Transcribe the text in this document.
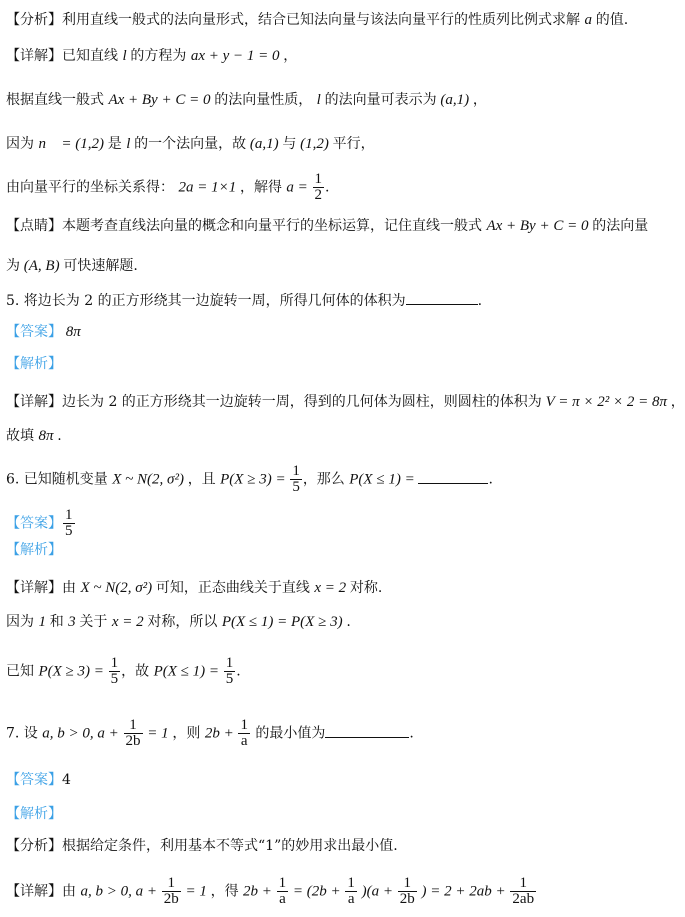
【分析】利用直线一般式的法向量形式，结合已知法向量与该法向量平行的性质列比例式求解 a 的值.
【详解】已知直线 l 的方程为 ax + y − 1 = 0 ，
根据直线一般式 Ax + By + C = 0 的法向量性质， l 的法向量可表示为 (a,1) ，
因为 n⃗ = (1,2) 是 l 的一个法向量，故 (a,1) 与 (1,2) 平行，
由向量平行的坐标关系得： 2a = 1×1 ，解得 $a = \frac{1}{2}$ .
【点睛】本题考查直线法向量的概念和向量平行的坐标运算，记住直线一般式 Ax + By + C = 0 的法向量
为 (A, B) 可快速解题.
5. 将边长为 2 的正方形绕其一边旋转一周，所得几何体的体积为	.
【答案】 8π
【解析】
【详解】边长为 2 的正方形绕其一边旋转一周，得到的几何体为圆柱，则圆柱的体积为 V = π × 2² × 2 = 8π ，
故填 8π .
6. 已知随机变量 X ~ N(2, σ²) ，且 $P(X \ge 3) = \frac{1}{5}$ ，那么 P(X ≤ 1) =	.
【答案】 $\frac{1}{5}$
【解析】
【详解】由 X ~ N(2, σ²) 可知，正态曲线关于直线 x = 2 对称.
因为 1 和 3 关于 x = 2 对称，所以 P(X ≤ 1) = P(X ≥ 3) .
已知 $P(X \ge 3) = \frac{1}{5}$ ，故 $P(X \le 1) = \frac{1}{5}$ .
7. 设 a, b > 0, $a + \frac{1}{2b} = 1$ ，则 $2b + \frac{1}{a}$ 的最小值为	.
【答案】4
【解析】
【分析】根据给定条件，利用基本不等式“1”的妙用求出最小值.
【详解】由 a, b > 0, $a + \frac{1}{2b} = 1$ ，得 $2b + \frac{1}{a} = (2b + \frac{1}{a} )(a + \frac{1}{2b}$ ) = $2 + 2ab + \frac{1}{2ab}$
